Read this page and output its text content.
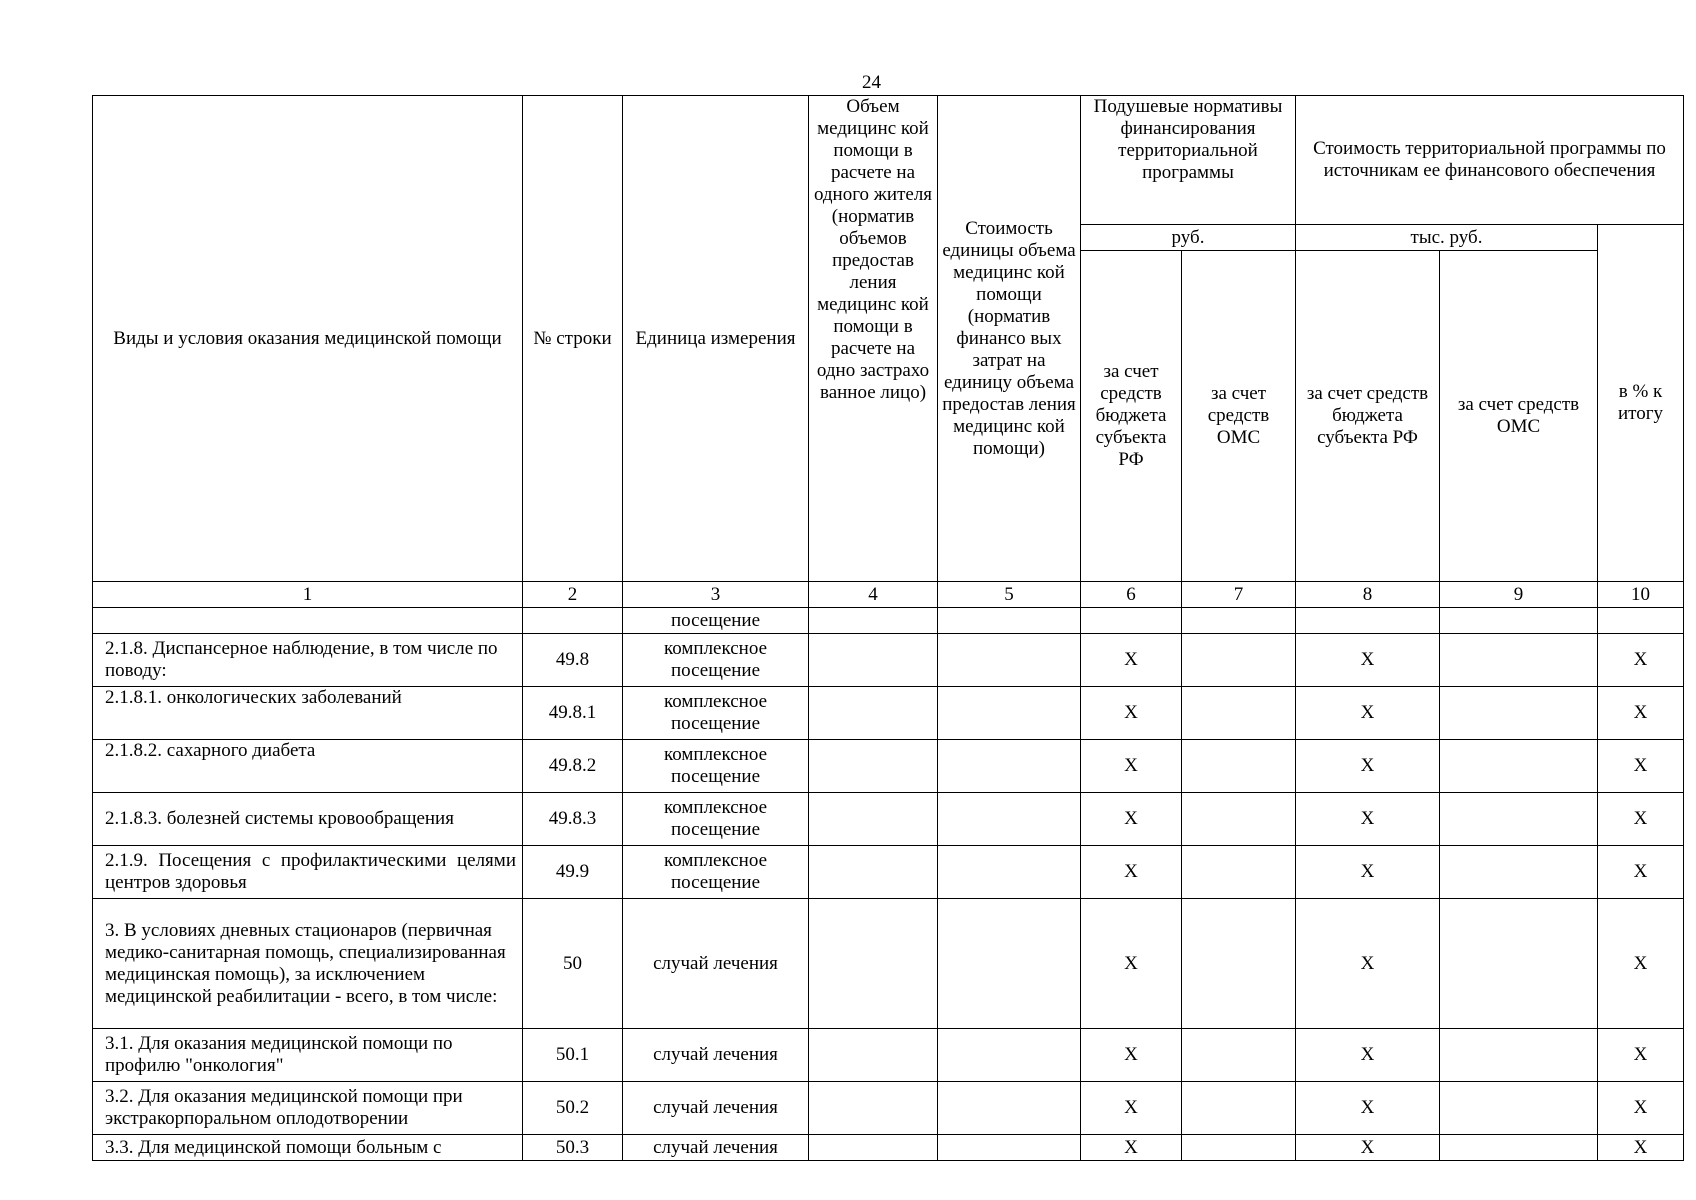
24
Виды и условия оказания медицинской помощи	№ строки	Единица измерения	Объем медицинс кой помощи в расчете на одного жителя (норматив объемов предостав ления медицинс кой помощи в расчете на одно застрахо ванное лицо)	Стоимость единицы объема медицинс кой помощи (норматив финансо вых затрат на единицу объема предостав ления медицинс кой помощи)	Подушевые нормативы финансирования территориальной программы		Стоимость территориальной программы по источникам ее финансового обеспечения		
					руб.		тыс. руб.		в % к итогу
					за счет средств бюджета субъекта РФ	за счет средств ОМС	за счет средств бюджета субъекта РФ	за счет средств ОМС	
1	2	3	4	5	6	7	8	9	10
		посещение							
2.1.8. Диспансерное наблюдение, в том числе по поводу:	49.8	комплексное посещение			X		X		X
2.1.8.1. онкологических заболеваний	49.8.1	комплексное посещение			X		X		X
2.1.8.2. сахарного диабета	49.8.2	комплексное посещение			X		X		X
2.1.8.3. болезней системы кровообращения	49.8.3	комплексное посещение			X		X		X
2.1.9. Посещения с профилактическими целями центров здоровья	49.9	комплексное посещение			X		X		X
3. В условиях дневных стационаров (первичная медико-санитарная помощь, специализированная медицинская помощь), за исключением медицинской реабилитации - всего, в том числе:	50	случай лечения			X		X		X
3.1. Для оказания медицинской помощи по профилю "онкология"	50.1	случай лечения			X		X		X
3.2. Для оказания медицинской помощи при экстракорпоральном оплодотворении	50.2	случай лечения			X		X		X
3.3. Для медицинской помощи больным с	50.3	случай лечения			X		X		X
